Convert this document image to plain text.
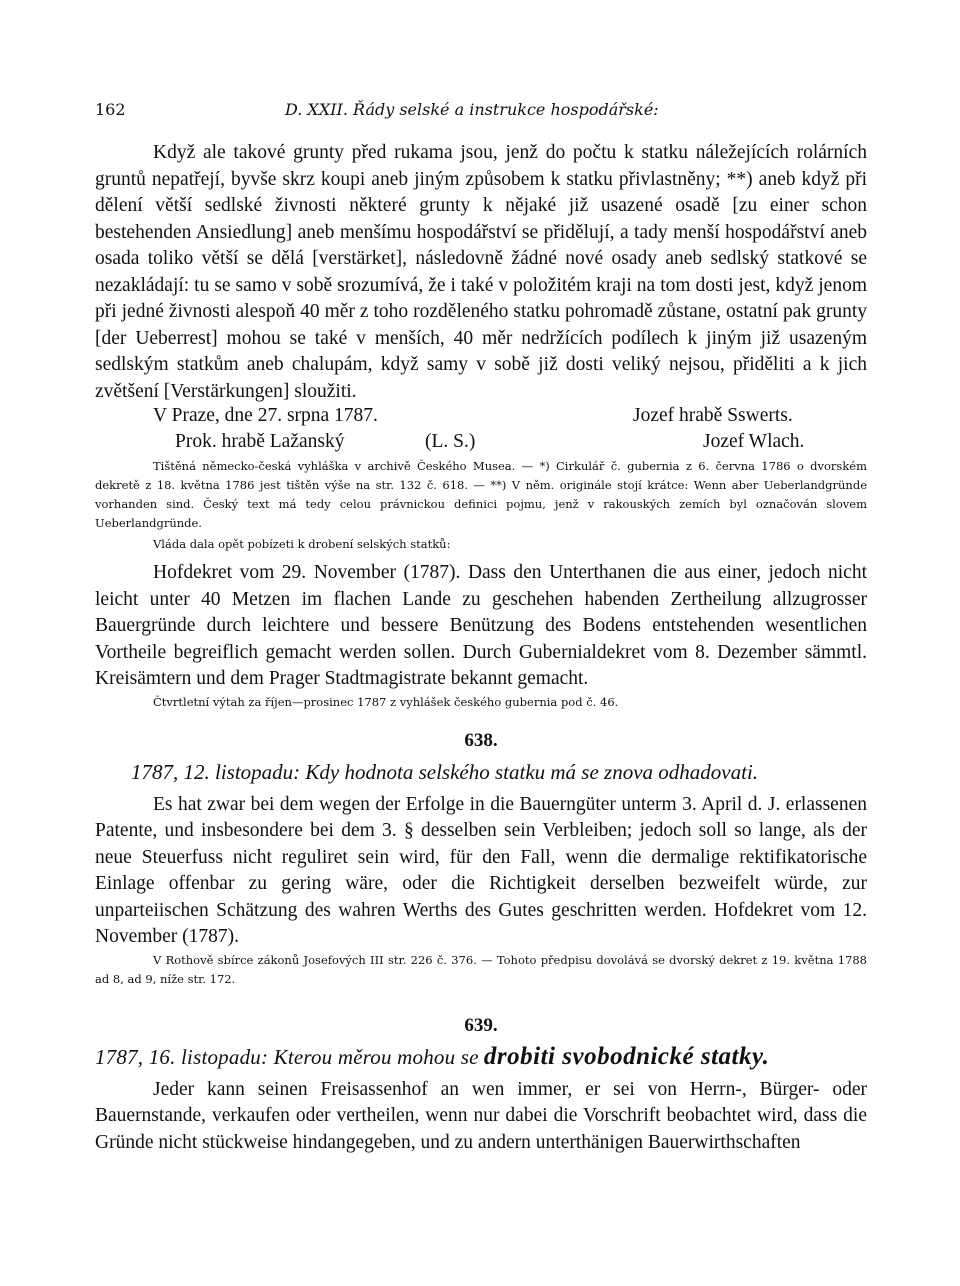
162	D. XXII. Řády selské a instrukce hospodářské:

Když ale takové grunty před rukama jsou, jenž do počtu k statku náležejících rolárních gruntů nepatřejí, byvše skrz koupi aneb jiným způsobem k statku přivlastněny; **) aneb když při dělení větší sedlské živnosti některé grunty k nějaké již usazené osadě [zu einer schon bestehenden Ansiedlung] aneb menšímu hospodářství se přidělují, a tady menší hospodářství aneb osada toliko větší se dělá [verstärket], následovně žádné nové osady aneb sedlský statkové se nezakládají: tu se samo v sobě srozumívá, že i také v položitém kraji na tom dosti jest, když jenom při jedné živnosti alespoň 40 měr z toho rozděleného statku pohromadě zůstane, ostatní pak grunty [der Ueberrest] mohou se také v menších, 40 měr nedržících podílech k jiným již usazeným sedlským statkům aneb chalupám, když samy v sobě již dosti veliký nejsou, přiděliti a k jich zvětšení [Verstärkungen] sloužiti.

V Praze, dne 27. srpna 1787.	Jozef hrabě Sswerts.
Prok. hrabě Lažanský	(L. S.)	Jozef Wlach.

Tištěná německo-česká vyhláška v archivě Českého Musea. — *) Cirkulář č. gubernia z 6. června 1786 o dvorském dekretě z 18. května 1786 jest tištěn výše na str. 132 č. 618. — **) V něm. originále stojí krátce: Wenn aber Ueberlandgründe vorhanden sind. Český text má tedy celou právnickou definici pojmu, jenž v rakouských zemích byl označován slovem Ueberlandgründe.

Vláda dala opět pobízeti k drobení selských statků:

Hofdekret vom 29. November (1787). Dass den Unterthanen die aus einer, jedoch nicht leicht unter 40 Metzen im flachen Lande zu geschehen habenden Zertheilung allzugrosser Bauergründe durch leichtere und bessere Benützung des Bodens entstehenden wesentlichen Vortheile begreiflich gemacht werden sollen. Durch Gubernialdekret vom 8. Dezember sämmtl. Kreisämtern und dem Prager Stadtmagistrate bekannt gemacht.

Čtvrtletní výtah za říjen—prosinec 1787 z vyhlášek českého gubernia pod č. 46.

638.

1787, 12. listopadu: Kdy hodnota selského statku má se znova odhadovati.

Es hat zwar bei dem wegen der Erfolge in die Bauerngüter unterm 3. April d. J. erlassenen Patente, und insbesondere bei dem 3. § desselben sein Verbleiben; jedoch soll so lange, als der neue Steuerfuss nicht reguliret sein wird, für den Fall, wenn die dermalige rektifikatorische Einlage offenbar zu gering wäre, oder die Richtigkeit derselben bezweifelt würde, zur unparteiischen Schätzung des wahren Werths des Gutes geschritten werden. Hofdekret vom 12. November (1787).

V Rothově sbírce zákonů Josefových III str. 226 č. 376. — Tohoto předpisu dovolává se dvorský dekret z 19. května 1788 ad 8, ad 9, níže str. 172.

639.

1787, 16. listopadu: Kterou měrou mohou se drobiti svobodnické statky.

Jeder kann seinen Freisassenhof an wen immer, er sei von Herrn-, Bürger- oder Bauernstande, verkaufen oder vertheilen, wenn nur dabei die Vorschrift beobachtet wird, dass die Gründe nicht stückweise hindangegeben, und zu andern unterthänigen Bauerwirthschaften
